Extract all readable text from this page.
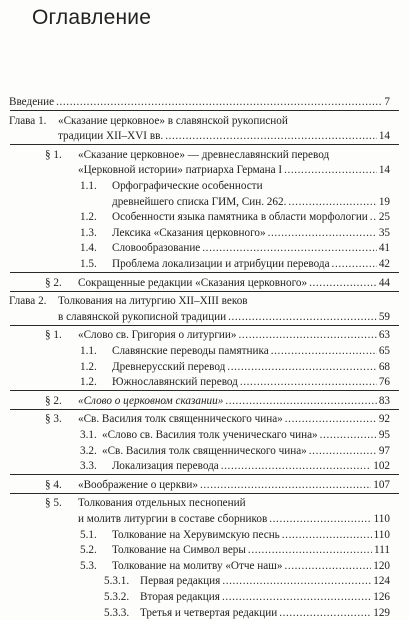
Оглавление
Введение .....	7
Глава 1.	«Сказание церковное» в славянской рукописной
традиции XII–XVI вв. .....	14
§ 1.	«Сказание церковное» — древнеславянский перевод
«Церковной истории» патриарха Германа I .....	14
1.1.	Орфографические особенности
древнейшего списка ГИМ, Син. 262. .....	19
1.2.	Особенности языка памятника в области морфологии ..... 25
1.3.	Лексика «Сказания церковного» .....	35
1.4.	Словообразование .....	41
1.5.	Проблема локализации и атрибуции перевода .....	42
§ 2.	Сокращенные редакции «Сказания церковного» .....	44
Глава 2.	Толкования на литургию XII–XIII веков
в славянской рукописной традиции .....	59
§ 1.	«Слово св. Григория о литургии» .....	63
1.1.	Славянские переводы памятника .....	65
1.2.	Древнерусский перевод .....	68
1.2.	Южнославянский перевод .....	76
§ 2.	«Слово о церковном сказании» .....	83
§ 3.	«Св. Василия толк священнического чина» .....	92
3.1. «Слово св. Василия толк ученическаго чина» .....	95
3.2. «Св. Василия толк священнического чина» .....	97
3.3.	Локализация перевода .....	102
§ 4.	«Воображение о церкви» .....	107
§ 5.	Толкования отдельных песнопений
и молитв литургии в составе сборников .....	110
5.1.	Толкование на Херувимскую песнь .....	110
5.2.	Толкование на Символ веры .....	111
5.3.	Толкование на молитву «Отче наш» .....	120
5.3.1. Первая редакция .....	124
5.3.2. Вторая редакция .....	126
5.3.3. Третья и четвертая редакции .....	129
